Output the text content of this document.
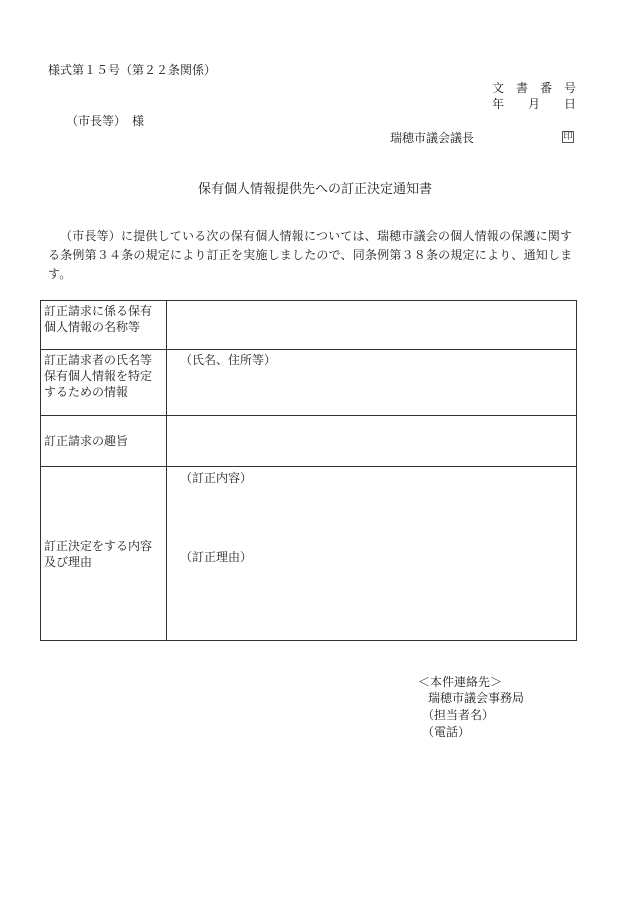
様式第１５号（第２２条関係）
文 書 番 号
年 月 日
（市長等）　様
瑞穂市議会議長	印
保有個人情報提供先への訂正決定通知書
（市長等）に提供している次の保有個人情報については、瑞穂市議会の個人情報の保護に関する条例第３４条の規定により訂正を実施しましたので、同条例第３８条の規定により、通知します。
訂正請求に係る保有個人情報の名称等	
訂正請求者の氏名等保有個人情報を特定するための情報	（氏名、住所等）

訂正請求の趣旨	
訂正決定をする内容及び理由	（訂正内容）
（訂正理由）
＜本件連絡先＞
瑞穂市議会事務局
（担当者名）
（電話）
